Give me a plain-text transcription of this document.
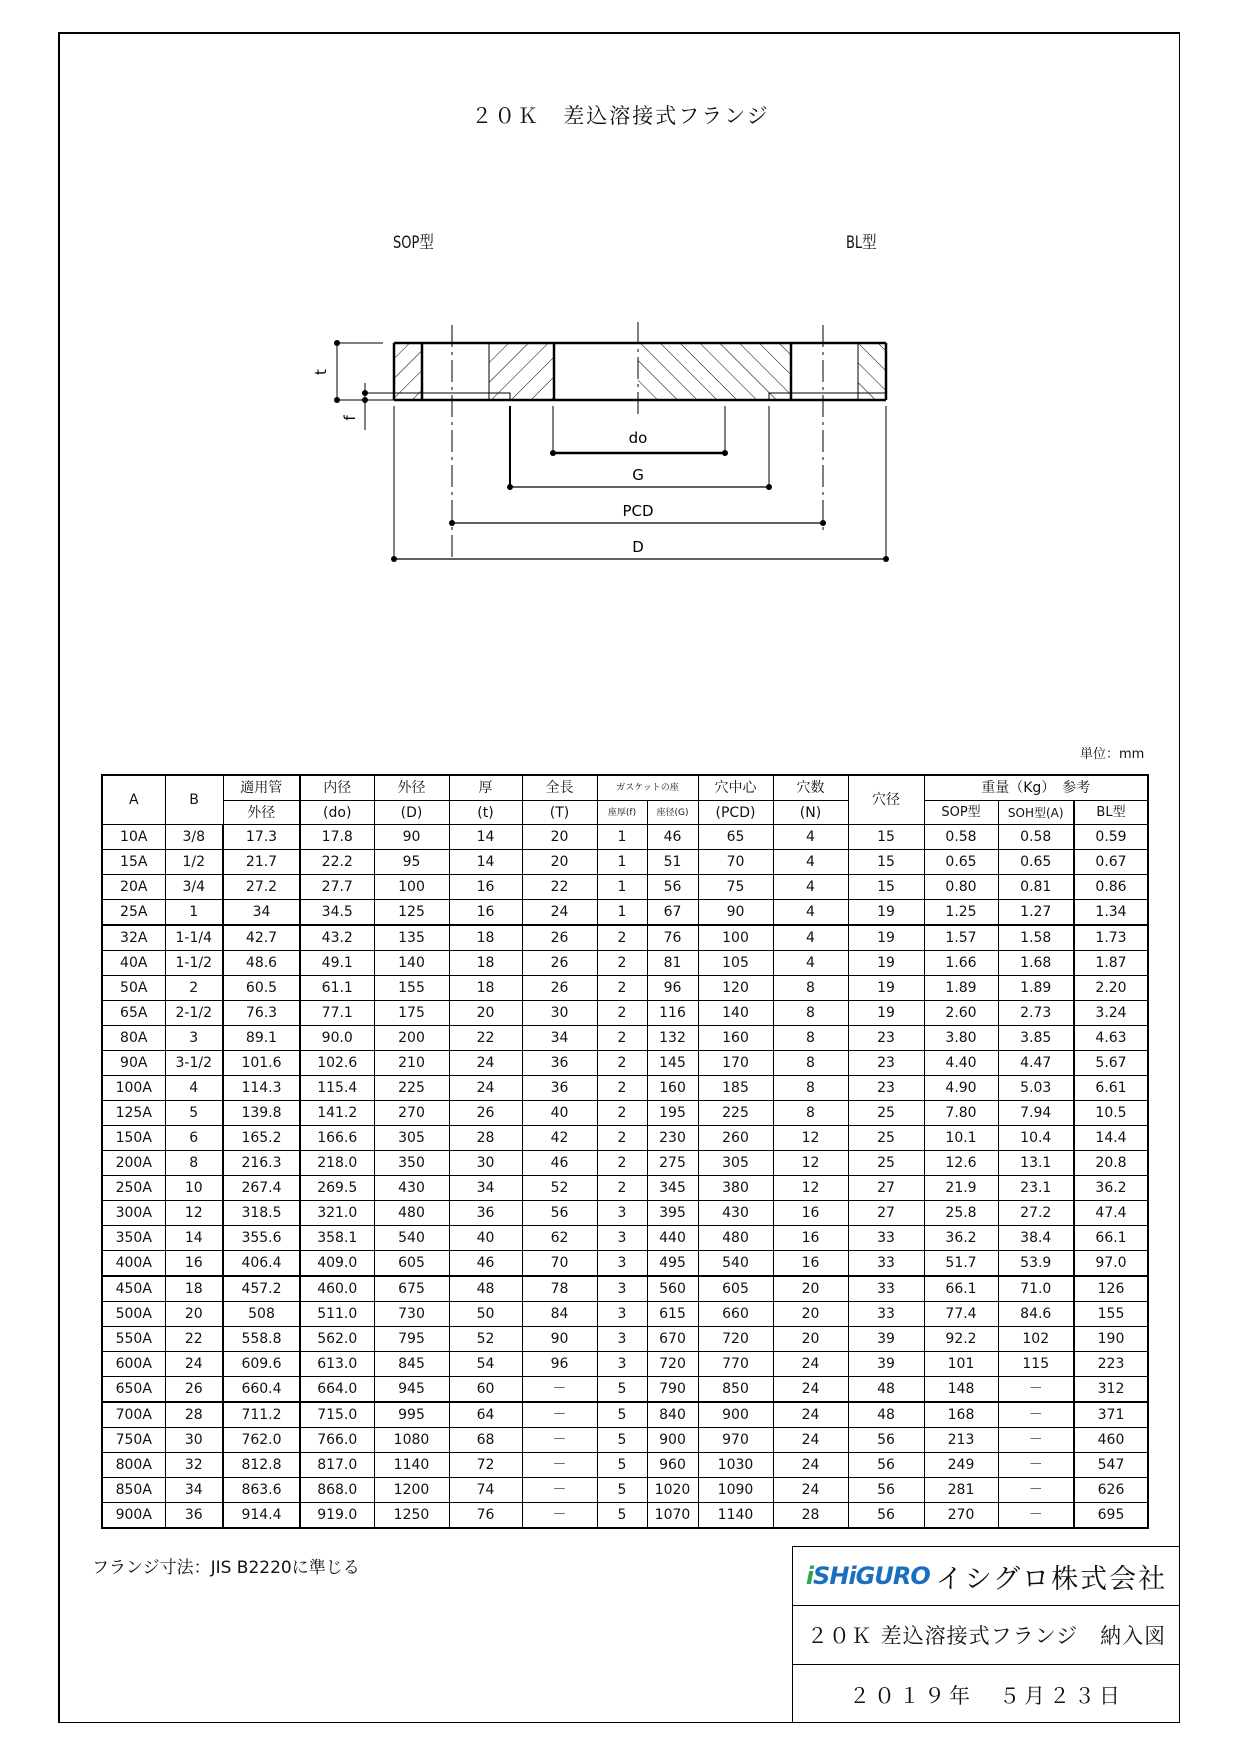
２０Ｋ　差込溶接式フランジ
SOP型	BL型
t
f
do
G
PCD
D
単位：mm
A	B	適用管	内径	外径	厚	全長	ガスケットの座		穴中心	穴数	穴径	重量（Kg）　参考		
		外径	(do)	(D)	(t)	(T)	座厚(f)	座径(G)	(PCD)	(N)		SOP型	SOH型(A)	BL型
10A	3/8	17.3	17.8	90	14	20	1	46	65	4	15	0.58	0.58	0.59
15A	1/2	21.7	22.2	95	14	20	1	51	70	4	15	0.65	0.65	0.67
20A	3/4	27.2	27.7	100	16	22	1	56	75	4	15	0.80	0.81	0.86
25A	1	34	34.5	125	16	24	1	67	90	4	19	1.25	1.27	1.34
32A	1-1/4	42.7	43.2	135	18	26	2	76	100	4	19	1.57	1.58	1.73
40A	1-1/2	48.6	49.1	140	18	26	2	81	105	4	19	1.66	1.68	1.87
50A	2	60.5	61.1	155	18	26	2	96	120	8	19	1.89	1.89	2.20
65A	2-1/2	76.3	77.1	175	20	30	2	116	140	8	19	2.60	2.73	3.24
80A	3	89.1	90.0	200	22	34	2	132	160	8	23	3.80	3.85	4.63
90A	3-1/2	101.6	102.6	210	24	36	2	145	170	8	23	4.40	4.47	5.67
100A	4	114.3	115.4	225	24	36	2	160	185	8	23	4.90	5.03	6.61
125A	5	139.8	141.2	270	26	40	2	195	225	8	25	7.80	7.94	10.5
150A	6	165.2	166.6	305	28	42	2	230	260	12	25	10.1	10.4	14.4
200A	8	216.3	218.0	350	30	46	2	275	305	12	25	12.6	13.1	20.8
250A	10	267.4	269.5	430	34	52	2	345	380	12	27	21.9	23.1	36.2
300A	12	318.5	321.0	480	36	56	3	395	430	16	27	25.8	27.2	47.4
350A	14	355.6	358.1	540	40	62	3	440	480	16	33	36.2	38.4	66.1
400A	16	406.4	409.0	605	46	70	3	495	540	16	33	51.7	53.9	97.0
450A	18	457.2	460.0	675	48	78	3	560	605	20	33	66.1	71.0	126
500A	20	508	511.0	730	50	84	3	615	660	20	33	77.4	84.6	155
550A	22	558.8	562.0	795	52	90	3	670	720	20	39	92.2	102	190
600A	24	609.6	613.0	845	54	96	3	720	770	24	39	101	115	223
650A	26	660.4	664.0	945	60	－	5	790	850	24	48	148	－	312
700A	28	711.2	715.0	995	64	－	5	840	900	24	48	168	－	371
750A	30	762.0	766.0	1080	68	－	5	900	970	24	56	213	－	460
800A	32	812.8	817.0	1140	72	－	5	960	1030	24	56	249	－	547
850A	34	863.6	868.0	1200	74	－	5	1020	1090	24	56	281	－	626
900A	36	914.4	919.0	1250	76	－	5	1070	1140	28	56	270	－	695
フランジ寸法：JIS B2220に準じる	iSHiGURO イシグロ株式会社
２０Ｋ 差込溶接式フランジ　納入図
２０１９年　５月２３日
